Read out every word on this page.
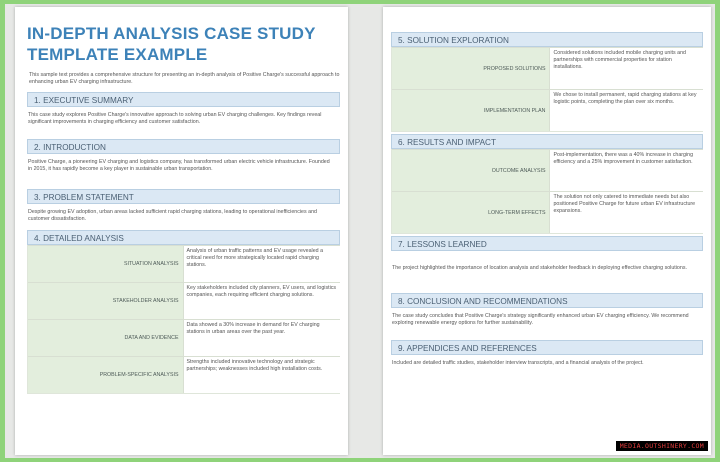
IN-DEPTH ANALYSIS CASE STUDY
TEMPLATE EXAMPLE

This sample text provides a comprehensive structure for presenting an in-depth analysis of Positive Charge's successful approach to enhancing urban EV charging infrastructure.

1. EXECUTIVE SUMMARY
This case study explores Positive Charge's innovative approach to solving urban EV charging challenges. Key findings reveal significant improvements in charging efficiency and customer satisfaction.
2. INTRODUCTION
Positive Charge, a pioneering EV charging and logistics company, has transformed urban electric vehicle infrastructure. Founded in 2015, it has rapidly become a key player in sustainable urban transportation.
3. PROBLEM STATEMENT
Despite growing EV adoption, urban areas lacked sufficient rapid charging stations, leading to operational inefficiencies and customer dissatisfaction.
4. DETAILED ANALYSIS
SITUATION ANALYSIS
Analysis of urban traffic patterns and EV usage revealed a critical need for more strategically located rapid charging stations.
STAKEHOLDER ANALYSIS
Key stakeholders included city planners, EV users, and logistics companies, each requiring efficient charging solutions.
DATA AND EVIDENCE
Data showed a 30% increase in demand for EV charging stations in urban areas over the past year.
PROBLEM-SPECIFIC ANALYSIS
Strengths included innovative technology and strategic partnerships; weaknesses included high installation costs.
5. SOLUTION EXPLORATION
PROPOSED SOLUTIONS
Considered solutions included mobile charging units and partnerships with commercial properties for station installations.
IMPLEMENTATION PLAN
We chose to install permanent, rapid charging stations at key logistic points, completing the plan over six months.
6. RESULTS AND IMPACT
OUTCOME ANALYSIS
Post-implementation, there was a 40% increase in charging efficiency and a 25% improvement in customer satisfaction.
LONG-TERM EFFECTS
The solution not only catered to immediate needs but also positioned Positive Charge for future urban EV infrastructure expansions.
7. LESSONS LEARNED
The project highlighted the importance of location analysis and stakeholder feedback in deploying effective charging solutions.
8. CONCLUSION AND RECOMMENDATIONS
The case study concludes that Positive Charge's strategy significantly enhanced urban EV charging efficiency. We recommend exploring renewable energy options for further sustainability.
9. APPENDICES AND REFERENCES
Included are detailed traffic studies, stakeholder interview transcripts, and a financial analysis of the project.
MEDIA.OUTSHINERY.COM
